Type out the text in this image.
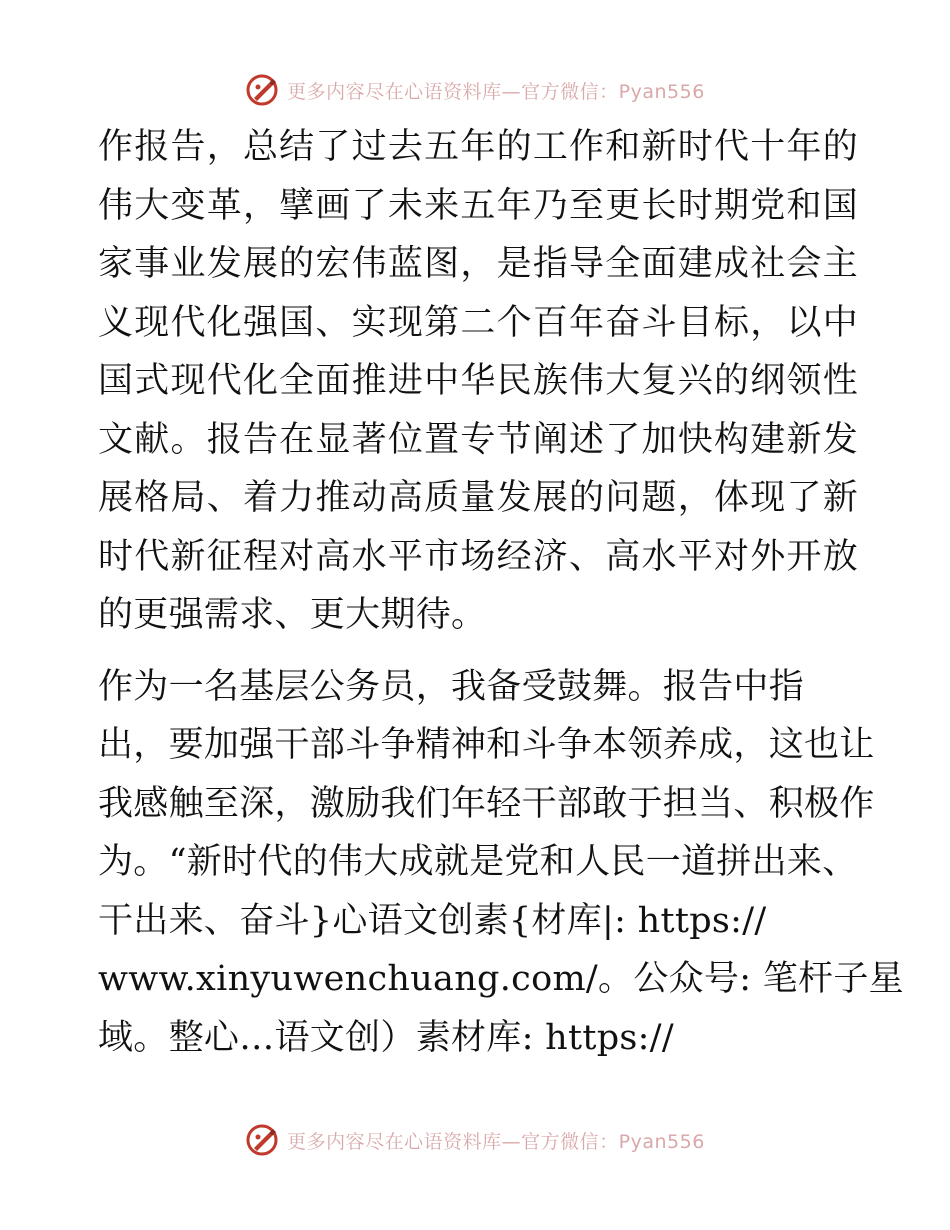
更多内容尽在心语资料库—官方微信：Pyan556

作报告，总结了过去五年的工作和新时代十年的伟大变革，擘画了未来五年乃至更长时期党和国家事业发展的宏伟蓝图，是指导全面建成社会主义现代化强国、实现第二个百年奋斗目标，以中国式现代化全面推进中华民族伟大复兴的纲领性文献。报告在显著位置专节阐述了加快构建新发展格局、着力推动高质量发展的问题，体现了新时代新征程对高水平市场经济、高水平对外开放的更强需求、更大期待。

作为一名基层公务员，我备受鼓舞。报告中指
出，要加强干部斗争精神和斗争本领养成，这也让
我感触至深，激励我们年轻干部敢于担当、积极作
为。“新时代的伟大成就是党和人民一道拼出来、
干出来、奋斗}心语文创素{材库|: https://
www.xinyuwenchuang.com/。公众号: 笔杆子星
域。整心…语文创）素材库: https://

更多内容尽在心语资料库—官方微信：Pyan556
